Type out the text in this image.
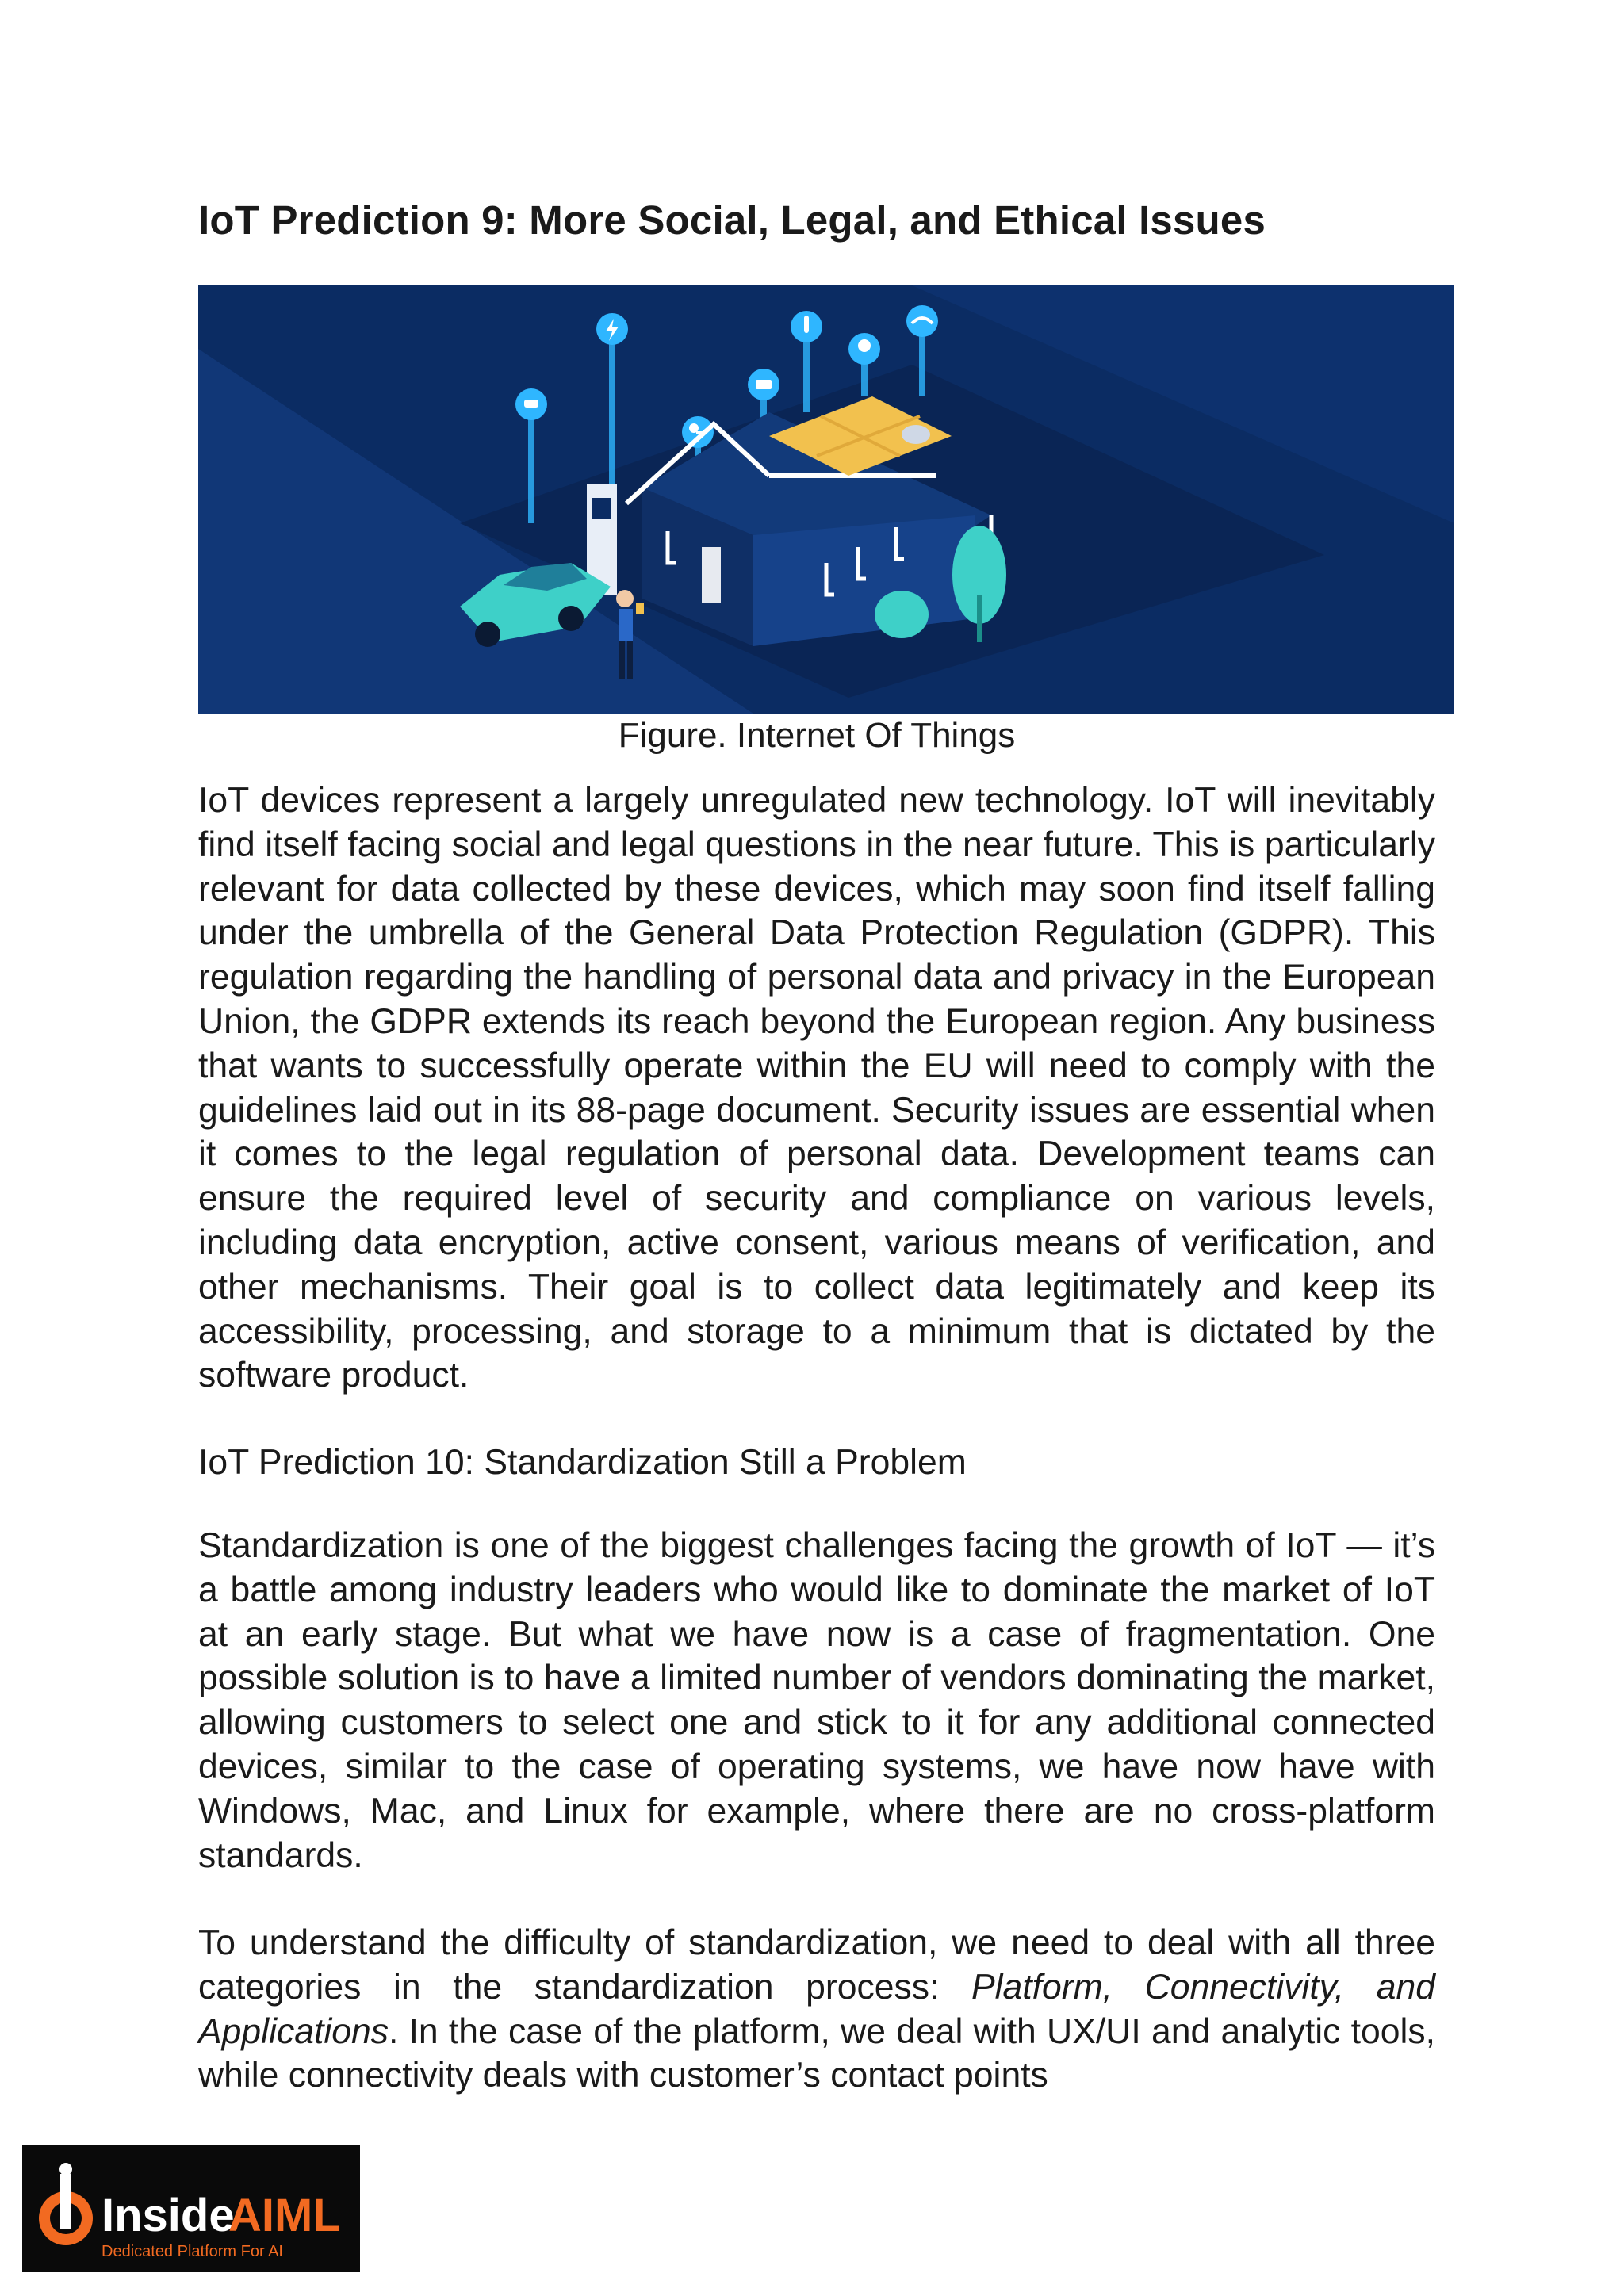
IoT Prediction 9: More Social, Legal, and Ethical Issues
Figure. Internet Of Things

IoT devices represent a largely unregulated new technology. IoT will inevitably find itself facing social and legal questions in the near future. This is particularly relevant for data collected by these devices, which may soon find itself falling under the umbrella of the General Data Protection Regulation (GDPR). This regulation regarding the handling of personal data and privacy in the European Union, the GDPR extends its reach beyond the European region. Any business that wants to successfully operate within the EU will need to comply with the guidelines laid out in its 88-page document. Security issues are essential when it comes to the legal regulation of personal data. Development teams can ensure the required level of security and compliance on various levels, including data encryption, active consent, various means of verification, and other mechanisms. Their goal is to collect data legitimately and keep its accessibility, processing, and storage to a minimum that is dictated by the software product.

IoT Prediction 10: Standardization Still a Problem

Standardization is one of the biggest challenges facing the growth of IoT — it’s a battle among industry leaders who would like to dominate the market of IoT at an early stage. But what we have now is a case of fragmentation. One possible solution is to have a limited number of vendors dominating the market, allowing customers to select one and stick to it for any additional connected devices, similar to the case of operating systems, we have now have with Windows, Mac, and Linux for example, where there are no cross-platform standards.

To understand the difficulty of standardization, we need to deal with all three categories in the standardization process: Platform, Connectivity, and Applications. In the case of the platform, we deal with UX/UI and analytic tools, while connectivity deals with customer’s contact points

Inside
AIML
Dedicated Platform For AI
